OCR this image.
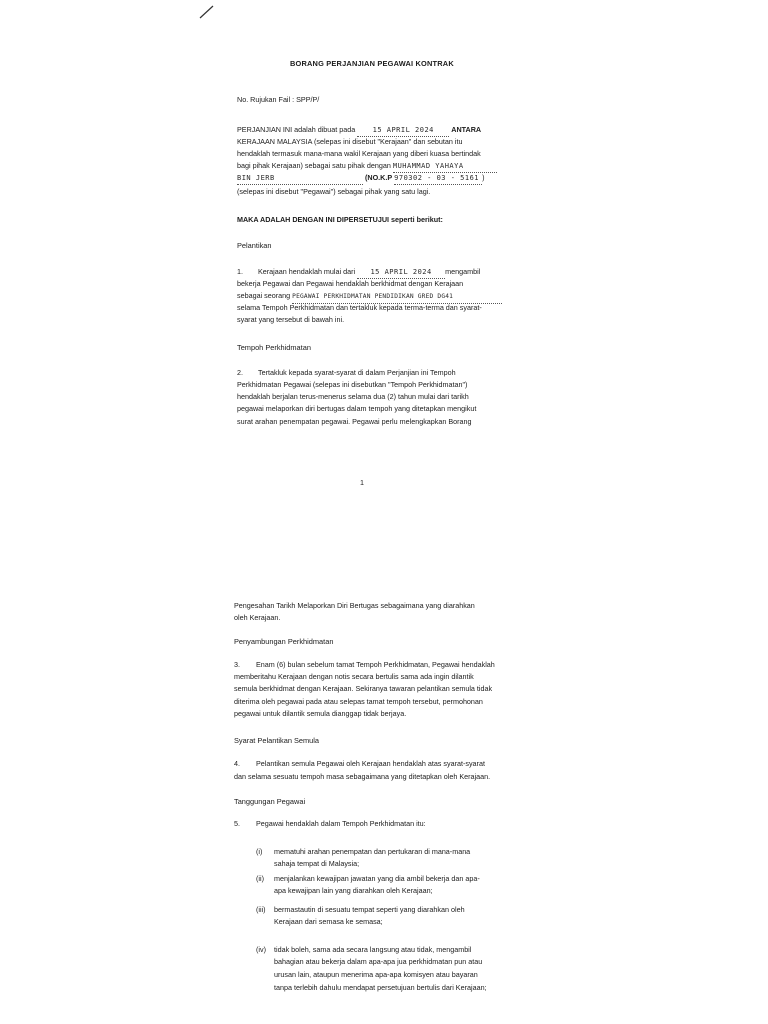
BORANG PERJANJIAN PEGAWAI KONTRAK
No. Rujukan Fail : SPP/P/
PERJANJIAN INI adalah dibuat pada 15 APRIL 2024 ANTARA
KERAJAAN MALAYSIA (selepas ini disebut "Kerajaan" dan sebutan itu
hendaklah termasuk mana-mana wakil Kerajaan yang diberi kuasa bertindak
bagi pihak Kerajaan) sebagai satu pihak dengan MUHAMMAD YAHAYA
BIN JERB	(NO.K.P 970302 - 03 - 5161 )
(selepas ini disebut "Pegawai") sebagai pihak yang satu lagi.
MAKA ADALAH DENGAN INI DIPERSETUJUI seperti berikut:
Pelantikan
1. Kerajaan hendaklah mulai dari 15 APRIL 2024 mengambil
bekerja Pegawai dan Pegawai hendaklah berkhidmat dengan Kerajaan
sebagai seorang PEGAWAI PERKHIDMATAN PENDIDIKAN GRED DG41
selama Tempoh Perkhidmatan dan tertakluk kepada terma-terma dan syarat-
syarat yang tersebut di bawah ini.
Tempoh Perkhidmatan
2. Tertakluk kepada syarat-syarat di dalam Perjanjian ini Tempoh
Perkhidmatan Pegawai (selepas ini disebutkan "Tempoh Perkhidmatan")
hendaklah berjalan terus-menerus selama dua (2) tahun mulai dari tarikh
pegawai melaporkan diri bertugas dalam tempoh yang ditetapkan mengikut
surat arahan penempatan pegawai. Pegawai perlu melengkapkan Borang
1
Pengesahan Tarikh Melaporkan Diri Bertugas sebagaimana yang diarahkan
oleh Kerajaan.
Penyambungan Perkhidmatan
3. Enam (6) bulan sebelum tamat Tempoh Perkhidmatan, Pegawai hendaklah
memberitahu Kerajaan dengan notis secara bertulis sama ada ingin dilantik
semula berkhidmat dengan Kerajaan. Sekiranya tawaran pelantikan semula tidak
diterima oleh pegawai pada atau selepas tamat tempoh tersebut, permohonan
pegawai untuk dilantik semula dianggap tidak berjaya.
Syarat Pelantikan Semula
4. Pelantikan semula Pegawai oleh Kerajaan hendaklah atas syarat-syarat
dan selama sesuatu tempoh masa sebagaimana yang ditetapkan oleh Kerajaan.
Tanggungan Pegawai
5. Pegawai hendaklah dalam Tempoh Perkhidmatan itu:
(i) mematuhi arahan penempatan dan pertukaran di mana-mana
sahaja tempat di Malaysia;
(ii) menjalankan kewajipan jawatan yang dia ambil bekerja dan apa-
apa kewajipan lain yang diarahkan oleh Kerajaan;
(iii) bermastautin di sesuatu tempat seperti yang diarahkan oleh
Kerajaan dari semasa ke semasa;
(iv) tidak boleh, sama ada secara langsung atau tidak, mengambil
bahagian atau bekerja dalam apa-apa jua perkhidmatan pun atau
urusan lain, ataupun menerima apa-apa komisyen atau bayaran
tanpa terlebih dahulu mendapat persetujuan bertulis dari Kerajaan;
